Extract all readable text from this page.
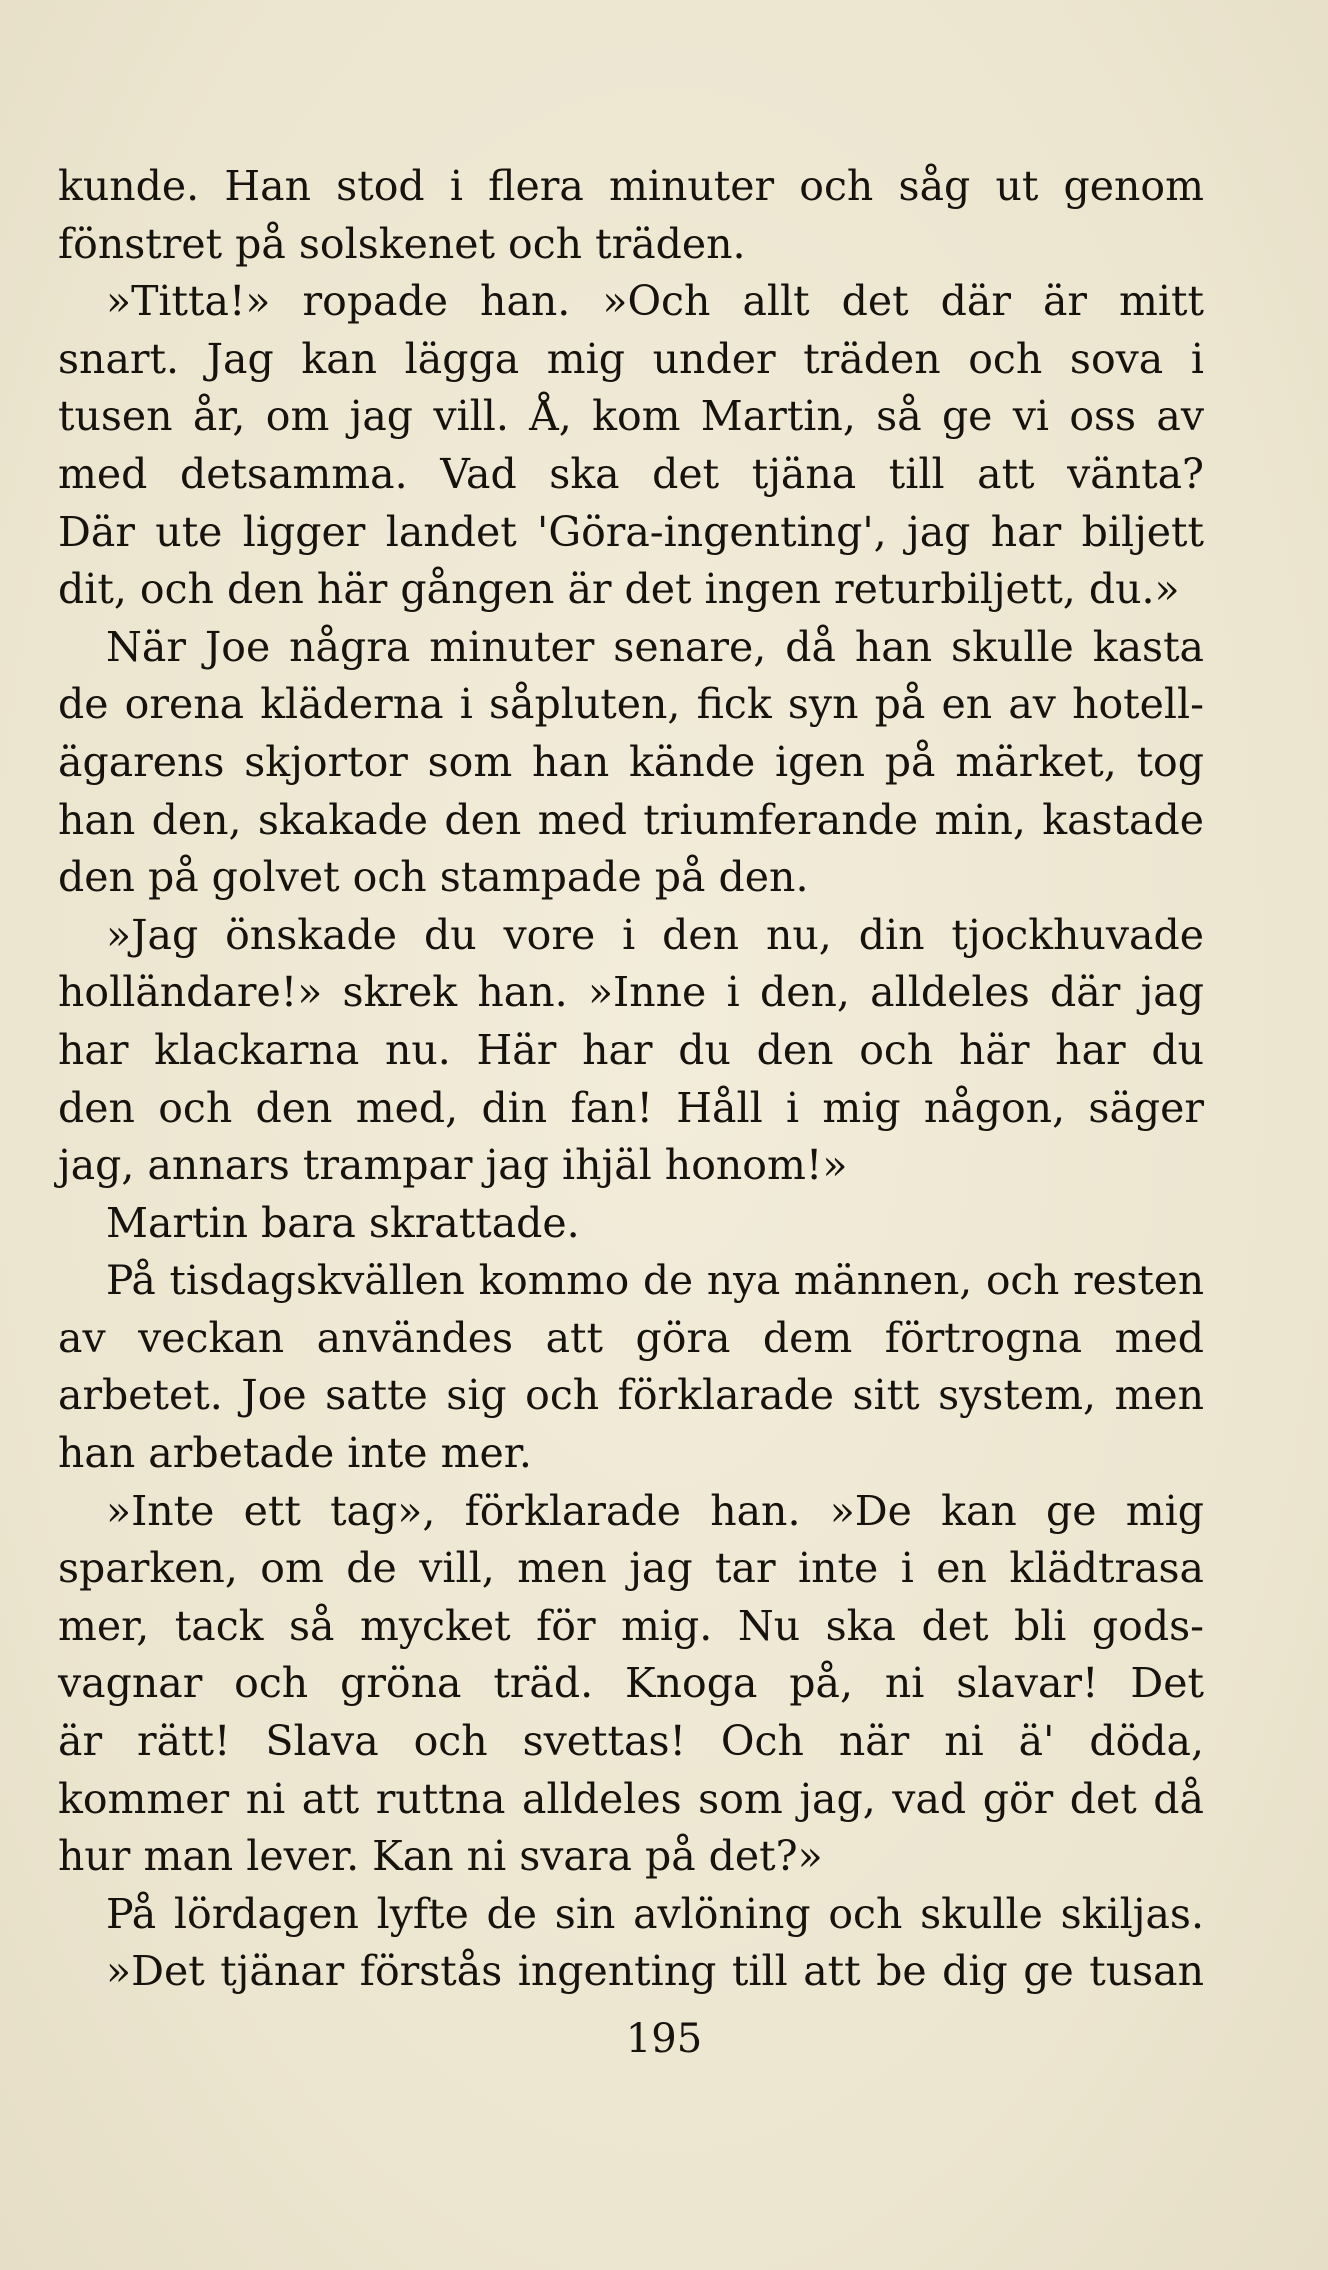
kunde. Han stod i flera minuter och såg ut genom
fönstret på solskenet och träden.
»Titta!» ropade han. »Och allt det där är mitt
snart. Jag kan lägga mig under träden och sova i
tusen år, om jag vill. Å, kom Martin, så ge vi oss av
med detsamma. Vad ska det tjäna till att vänta?
Där ute ligger landet 'Göra-ingenting', jag har biljett
dit, och den här gången är det ingen returbiljett, du.»
När Joe några minuter senare, då han skulle kasta
de orena kläderna i såpluten, fick syn på en av hotell-
ägarens skjortor som han kände igen på märket, tog
han den, skakade den med triumferande min, kastade
den på golvet och stampade på den.
»Jag önskade du vore i den nu, din tjockhuvade
holländare!» skrek han. »Inne i den, alldeles där jag
har klackarna nu. Här har du den och här har du
den och den med, din fan! Håll i mig någon, säger
jag, annars trampar jag ihjäl honom!»
Martin bara skrattade.
På tisdagskvällen kommo de nya männen, och resten
av veckan användes att göra dem förtrogna med
arbetet. Joe satte sig och förklarade sitt system, men
han arbetade inte mer.
»Inte ett tag», förklarade han. »De kan ge mig
sparken, om de vill, men jag tar inte i en klädtrasa
mer, tack så mycket för mig. Nu ska det bli gods-
vagnar och gröna träd. Knoga på, ni slavar! Det
är rätt! Slava och svettas! Och när ni ä' döda,
kommer ni att ruttna alldeles som jag, vad gör det då
hur man lever. Kan ni svara på det?»
På lördagen lyfte de sin avlöning och skulle skiljas.
»Det tjänar förstås ingenting till att be dig ge tusan
195
